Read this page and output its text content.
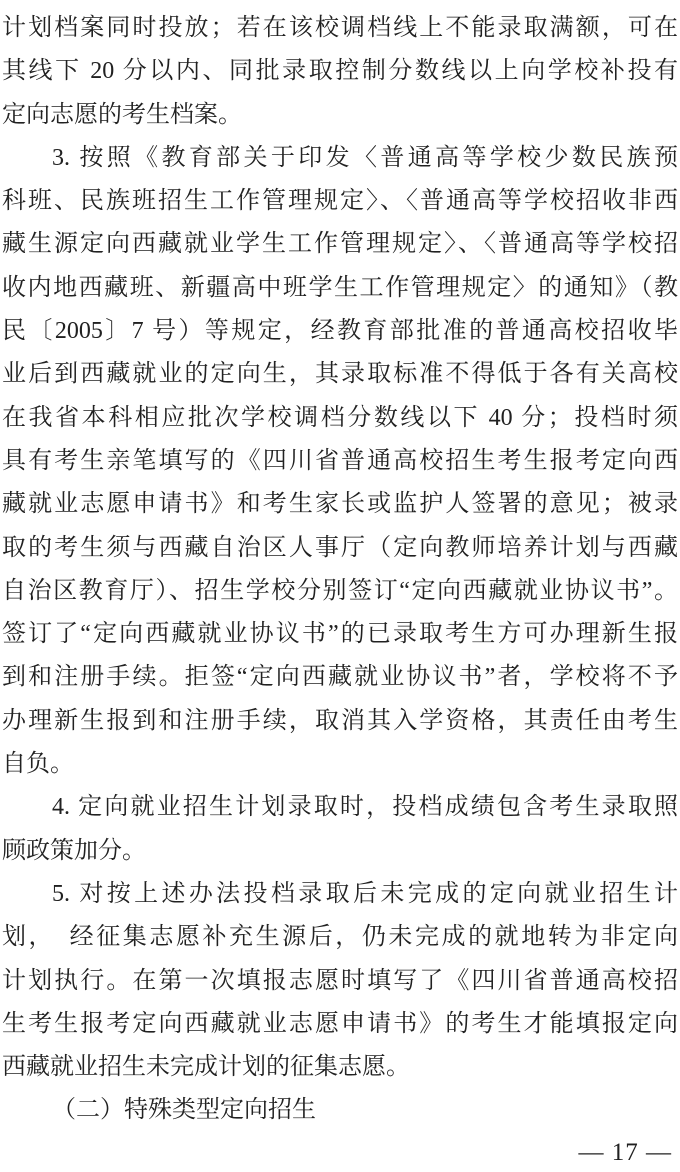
计划档案同时投放；若在该校调档线上不能录取满额，可在
其线下 20 分以内、同批录取控制分数线以上向学校补投有
定向志愿的考生档案。
3. 按照《教育部关于印发〈普通高等学校少数民族预
科班、民族班招生工作管理规定〉、〈普通高等学校招收非西
藏生源定向西藏就业学生工作管理规定〉、〈普通高等学校招
收内地西藏班、新疆高中班学生工作管理规定〉的通知》（教
民〔2005〕7 号）等规定，经教育部批准的普通高校招收毕
业后到西藏就业的定向生，其录取标准不得低于各有关高校
在我省本科相应批次学校调档分数线以下 40 分；投档时须
具有考生亲笔填写的《四川省普通高校招生考生报考定向西
藏就业志愿申请书》和考生家长或监护人签署的意见；被录
取的考生须与西藏自治区人事厅（定向教师培养计划与西藏
自治区教育厅）、招生学校分别签订“定向西藏就业协议书”。
签订了“定向西藏就业协议书”的已录取考生方可办理新生报
到和注册手续。拒签“定向西藏就业协议书”者，学校将不予
办理新生报到和注册手续，取消其入学资格，其责任由考生
自负。
4. 定向就业招生计划录取时，投档成绩包含考生录取照
顾政策加分。
5. 对按上述办法投档录取后未完成的定向就业招生计
划，　经征集志愿补充生源后，仍未完成的就地转为非定向
计划执行。在第一次填报志愿时填写了《四川省普通高校招
生考生报考定向西藏就业志愿申请书》的考生才能填报定向
西藏就业招生未完成计划的征集志愿。
（二）特殊类型定向招生
— 17 —
